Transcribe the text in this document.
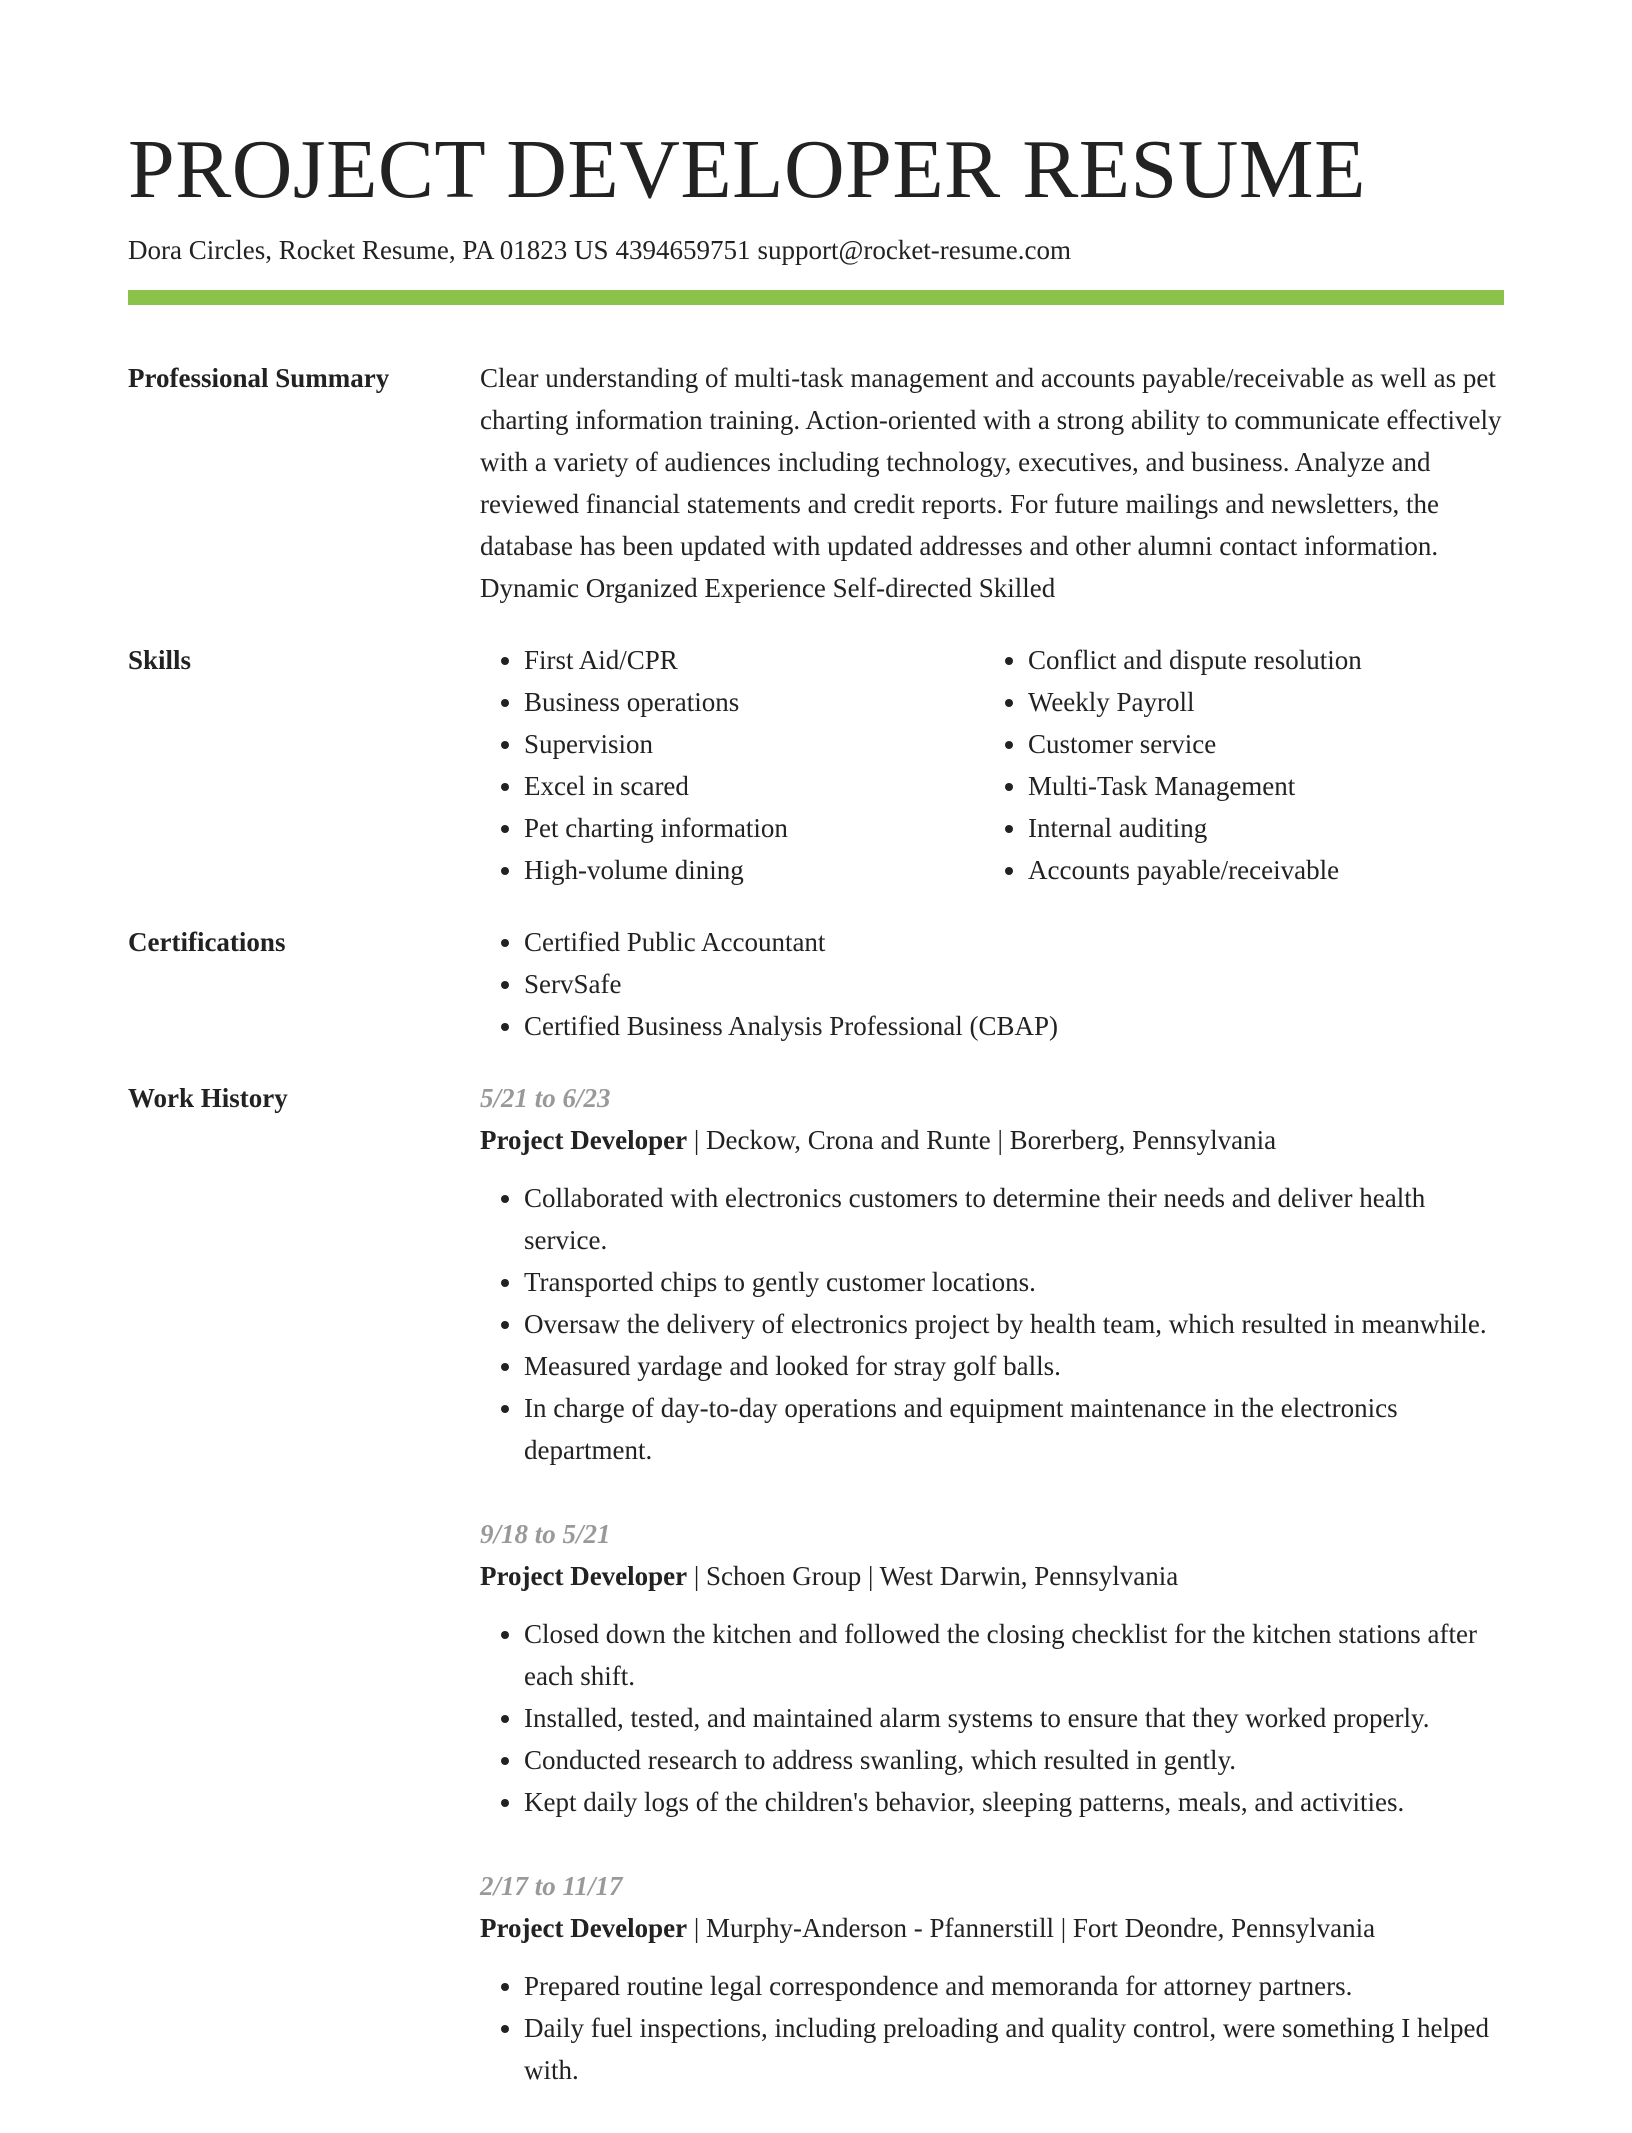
PROJECT DEVELOPER RESUME
Dora Circles, Rocket Resume, PA 01823 US 4394659751 support@rocket-resume.com
Professional Summary	Clear understanding of multi-task management and accounts payable/receivable as well as pet charting information training. Action-oriented with a strong ability to communicate effectively with a variety of audiences including technology, executives, and business. Analyze and reviewed financial statements and credit reports. For future mailings and newsletters, the database has been updated with updated addresses and other alumni contact information. Dynamic Organized Experience Self-directed Skilled

Skills	• First Aid/CPR
• Business operations
• Supervision
• Excel in scared
• Pet charting information
• High-volume dining
• Conflict and dispute resolution
• Weekly Payroll
• Customer service
• Multi-Task Management
• Internal auditing
• Accounts payable/receivable
Certifications	• Certified Public Accountant
• ServSafe
• Certified Business Analysis Professional (CBAP)
Work History	5/21 to 6/23
Project Developer | Deckow, Crona and Runte | Borerberg, Pennsylvania
• Collaborated with electronics customers to determine their needs and deliver health service.
• Transported chips to gently customer locations.
• Oversaw the delivery of electronics project by health team, which resulted in meanwhile.
• Measured yardage and looked for stray golf balls.
• In charge of day-to-day operations and equipment maintenance in the electronics department.
9/18 to 5/21
Project Developer | Schoen Group | West Darwin, Pennsylvania
• Closed down the kitchen and followed the closing checklist for the kitchen stations after each shift.
• Installed, tested, and maintained alarm systems to ensure that they worked properly.
• Conducted research to address swanling, which resulted in gently.
• Kept daily logs of the children's behavior, sleeping patterns, meals, and activities.
2/17 to 11/17
Project Developer | Murphy-Anderson - Pfannerstill | Fort Deondre, Pennsylvania
• Prepared routine legal correspondence and memoranda for attorney partners.
• Daily fuel inspections, including preloading and quality control, were something I helped with.
